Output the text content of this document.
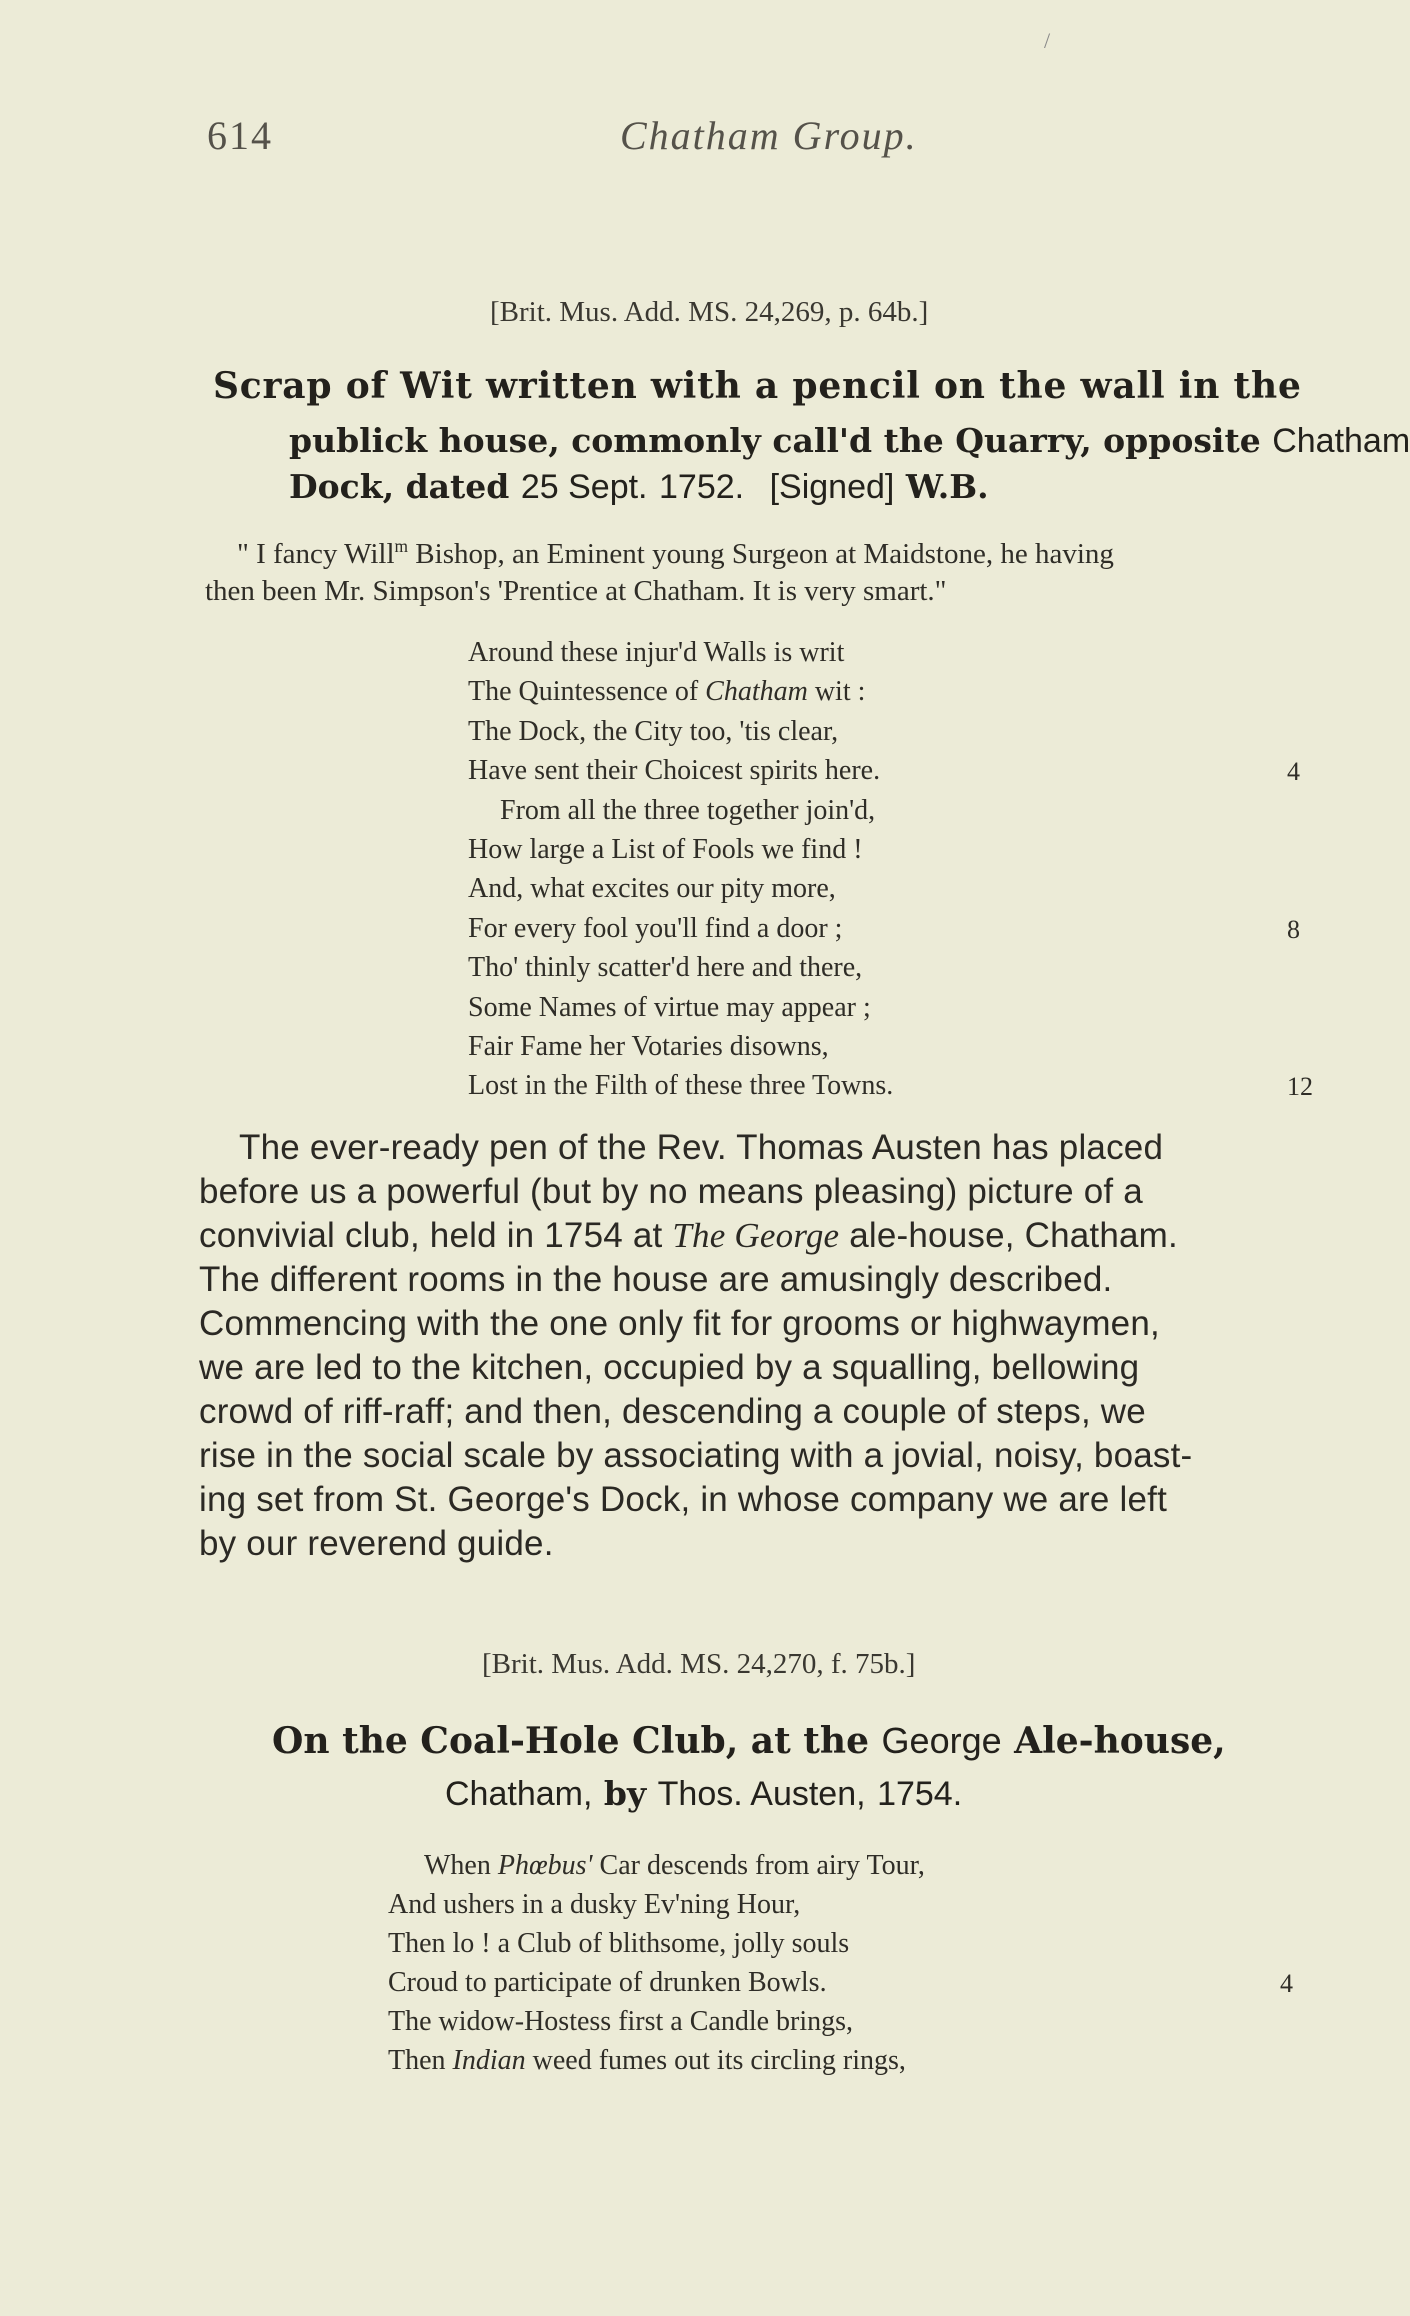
/
614	Chatham Group.
[Brit. Mus. Add. MS. 24,269, p. 64b.]
Scrap of Wit written with a pencil on the wall in the
publick house, commonly call'd the Quarry, opposite Chatham
Dock, dated 25 Sept. 1752. [Signed] W.B.
" I fancy Will$^m$ Bishop, an Eminent young Surgeon at Maidstone, he having
then been Mr. Simpson's 'Prentice at Chatham. It is very smart."
Around these injur'd Walls is writ
The Quintessence of Chatham wit :
The Dock, the City too, 'tis clear,
Have sent their Choicest spirits here.	4
From all the three together join'd,
How large a List of Fools we find !
And, what excites our pity more,
For every fool you'll find a door ;	8
Tho' thinly scatter'd here and there,
Some Names of virtue may appear ;
Fair Fame her Votaries disowns,
Lost in the Filth of these three Towns.	12
The ever-ready pen of the Rev. Thomas Austen has placed
before us a powerful (but by no means pleasing) picture of a
convivial club, held in 1754 at The George ale-house, Chatham.
The different rooms in the house are amusingly described.
Commencing with the one only fit for grooms or highwaymen,
we are led to the kitchen, occupied by a squalling, bellowing
crowd of riff-raff; and then, descending a couple of steps, we
rise in the social scale by associating with a jovial, noisy, boast-
ing set from St. George's Dock, in whose company we are left
by our reverend guide.
[Brit. Mus. Add. MS. 24,270, f. 75b.]
On the Coal-Hole Club, at the George Ale-house,
Chatham, by Thos. Austen, 1754.
When Phœbus' Car descends from airy Tour,
And ushers in a dusky Ev'ning Hour,
Then lo ! a Club of blithsome, jolly souls
Croud to participate of drunken Bowls.	4
The widow-Hostess first a Candle brings,
Then Indian weed fumes out its circling rings,
